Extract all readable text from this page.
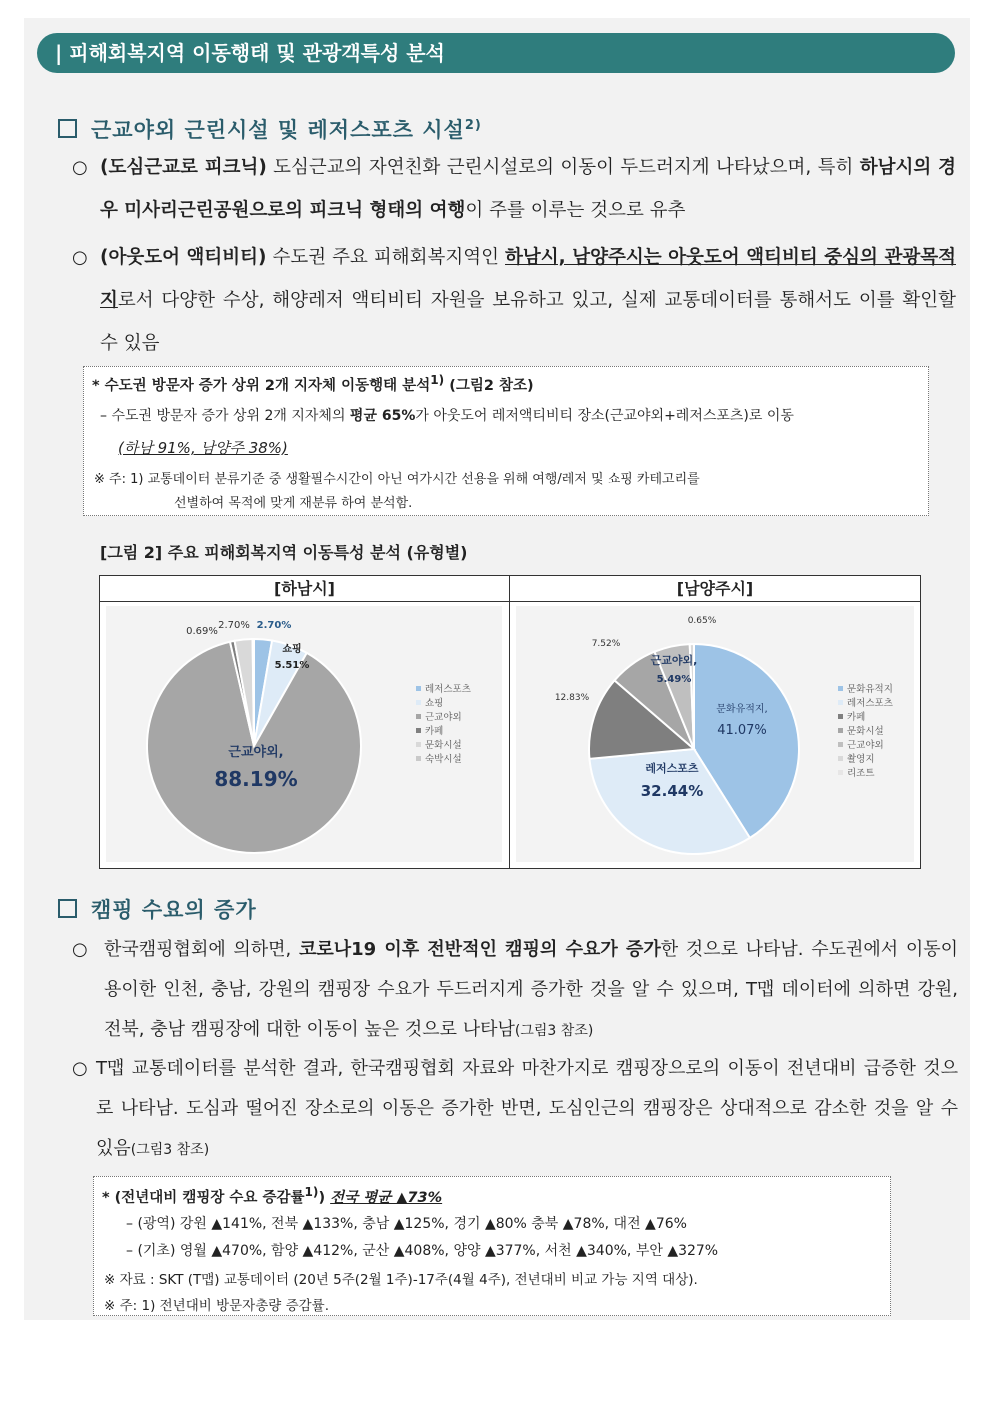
| 피해회복지역 이동행태 및 관광객특성 분석
근교야외 근린시설 및 레저스포츠 시설$^{2)}$
○ (도심근교로 피크닉) 도심근교의 자연친화 근린시설로의 이동이 두드러지게 나타났으며, 특히 하남시의 경우 미사리근린공원으로의 피크닉 형태의 여행이 주를 이루는 것으로 유추
○ (아웃도어 액티비티) 수도권 주요 피해회복지역인 하남시, 남양주시는 아웃도어 액티비티 중심의 관광목적지로서 다양한 수상, 해양레저 액티비티 자원을 보유하고 있고, 실제 교통데이터를 통해서도 이를 확인할 수 있음
* 수도권 방문자 증가 상위 2개 지자체 이동행태 분석$^{1)}$ (그림2 참조)
– 수도권 방문자 증가 상위 2개 지자체의 평균 65%가 아웃도어 레저액티비티 장소(근교야외+레저스포츠)로 이동
(하남 91%, 남양주 38%)
※ 주: 1) 교통데이터 분류기준 중 생활필수시간이 아닌 여가시간 선용을 위해 여행/레저 및 쇼핑 카테고리를
선별하여 목적에 맞게 재분류 하여 분석함.
[그림 2] 주요 피해회복지역 이동특성 분석 (유형별)
[하남시]	[남양주시]
2.70%
5.51%
88.19%
0.69%
2.70%
쇼핑
근교야외,
레저스포츠
쇼핑
근교야외
카페
문화시설
숙박시설
41.07%
32.44%
12.83%
7.52%
5.49%
0.65%
문화유적지,
레저스포츠
근교야외,
문화유적지
레저스포츠
카페
문화시설
근교야외
촬영지
리조트
캠핑 수요의 증가
○ 한국캠핑협회에 의하면, 코로나19 이후 전반적인 캠핑의 수요가 증가한 것으로 나타남. 수도권에서 이동이 용이한 인천, 충남, 강원의 캠핑장 수요가 두드러지게 증가한 것을 알 수 있으며, T맵 데이터에 의하면 강원, 전북, 충남 캠핑장에 대한 이동이 높은 것으로 나타남(그림3 참조)
○ T맵 교통데이터를 분석한 결과, 한국캠핑협회 자료와 마찬가지로 캠핑장으로의 이동이 전년대비 급증한 것으로 나타남. 도심과 떨어진 장소로의 이동은 증가한 반면, 도심인근의 캠핑장은 상대적으로 감소한 것을 알 수 있음(그림3 참조)
* (전년대비 캠핑장 수요 증감률$^{1)}$) 전국 평균 ▲73%
– (광역) 강원 ▲141%, 전북 ▲133%, 충남 ▲125%, 경기 ▲80% 충북 ▲78%, 대전 ▲76%
– (기초) 영월 ▲470%, 함양 ▲412%, 군산 ▲408%, 양양 ▲377%, 서천 ▲340%, 부안 ▲327%
※ 자료 : SKT (T맵) 교통데이터 (20년 5주(2월 1주)-17주(4월 4주), 전년대비 비교 가능 지역 대상).
※ 주: 1) 전년대비 방문자총량 증감률.
